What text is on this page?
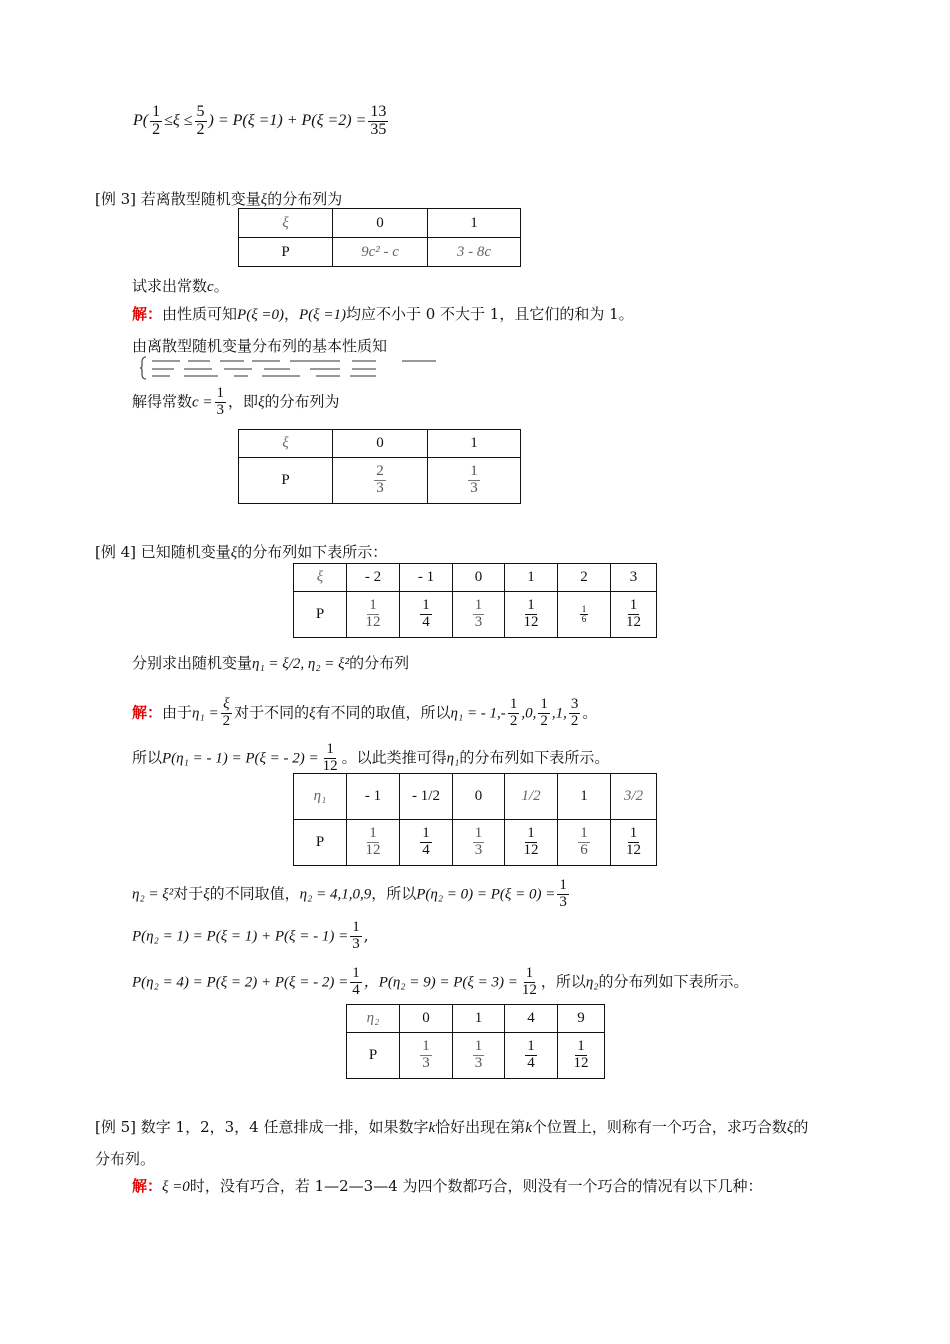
$P( \frac{1}{2} \le\xi \le \frac{5}{2}$ ) = $P(\xi =1) + P(\xi =2) = \frac{13}{35}$
[例 3] 若离散型随机变量ξ的分布列为
ξ	0	1
P	9c² - c	3 - 8c
试求出常数c。
解：由性质可知P(ξ =0)，P(ξ =1)均应不小于 0 不大于 1，且它们的和为 1。
由离散型随机变量分布列的基本性质知
解得常数$c = \frac{1}{3}$ ，即ξ的分布列为
ξ	0	1
P	$\frac{2}{3}$	$\frac{1}{3}$
[例 4] 已知随机变量ξ的分布列如下表所示：
ξ	- 2	- 1	0	1	2	3
P	$\frac{1}{12}$	$\frac{1}{4}$	$\frac{1}{3}$	$\frac{1}{12}$	$\frac{1}{6}$	$\frac{1}{12}$
分别求出随机变量η₁ = ξ/2, η₂ = ξ²的分布列
解：由于$\eta_1 = \frac{\xi}{2}$ 对于不同的ξ有不同的取值，所以η₁ = - $1,- \frac{1}{2} ,0$, $\frac{1}{2} ,1$, $\frac{3}{2}$ 。
所以P(η₁ = - 1) = P(ξ = - $2) = \frac{1}{12}$ 。以此类推可得η₁的分布列如下表所示。
η₁	- 1	- 1/2	0	1/2	1	3/2
P	$\frac{1}{12}$	$\frac{1}{4}$	$\frac{1}{3}$	$\frac{1}{12}$	$\frac{1}{6}$	$\frac{1}{12}$
η₂ = ξ²对于ξ的不同取值，η₂ = 4,1,0,9，所以$P(\eta_2 = 0) = P(\xi = 0) = \frac{1}{3}$
P(η₂ = 1) = P(ξ = 1) + P(ξ = - $1) = \frac{1}{3}$ ,
P(η₂ = 4) = P(ξ = 2) + P(ξ = - $2) = \frac{1}{4}$ ，$P(\eta_2 = 9) = P(\xi = 3) = \frac{1}{12}$ ，所以η₂的分布列如下表所示。
η₂	0	1	4	9
P	$\frac{1}{3}$	$\frac{1}{3}$	$\frac{1}{4}$	$\frac{1}{12}$
[例 5] 数字 1，2，3，4 任意排成一排，如果数字k恰好出现在第k个位置上，则称有一个巧合，求巧合数ξ的
分布列。
解：ξ =0时，没有巧合，若 1—2—3—4 为四个数都巧合，则没有一个巧合的情况有以下几种：
